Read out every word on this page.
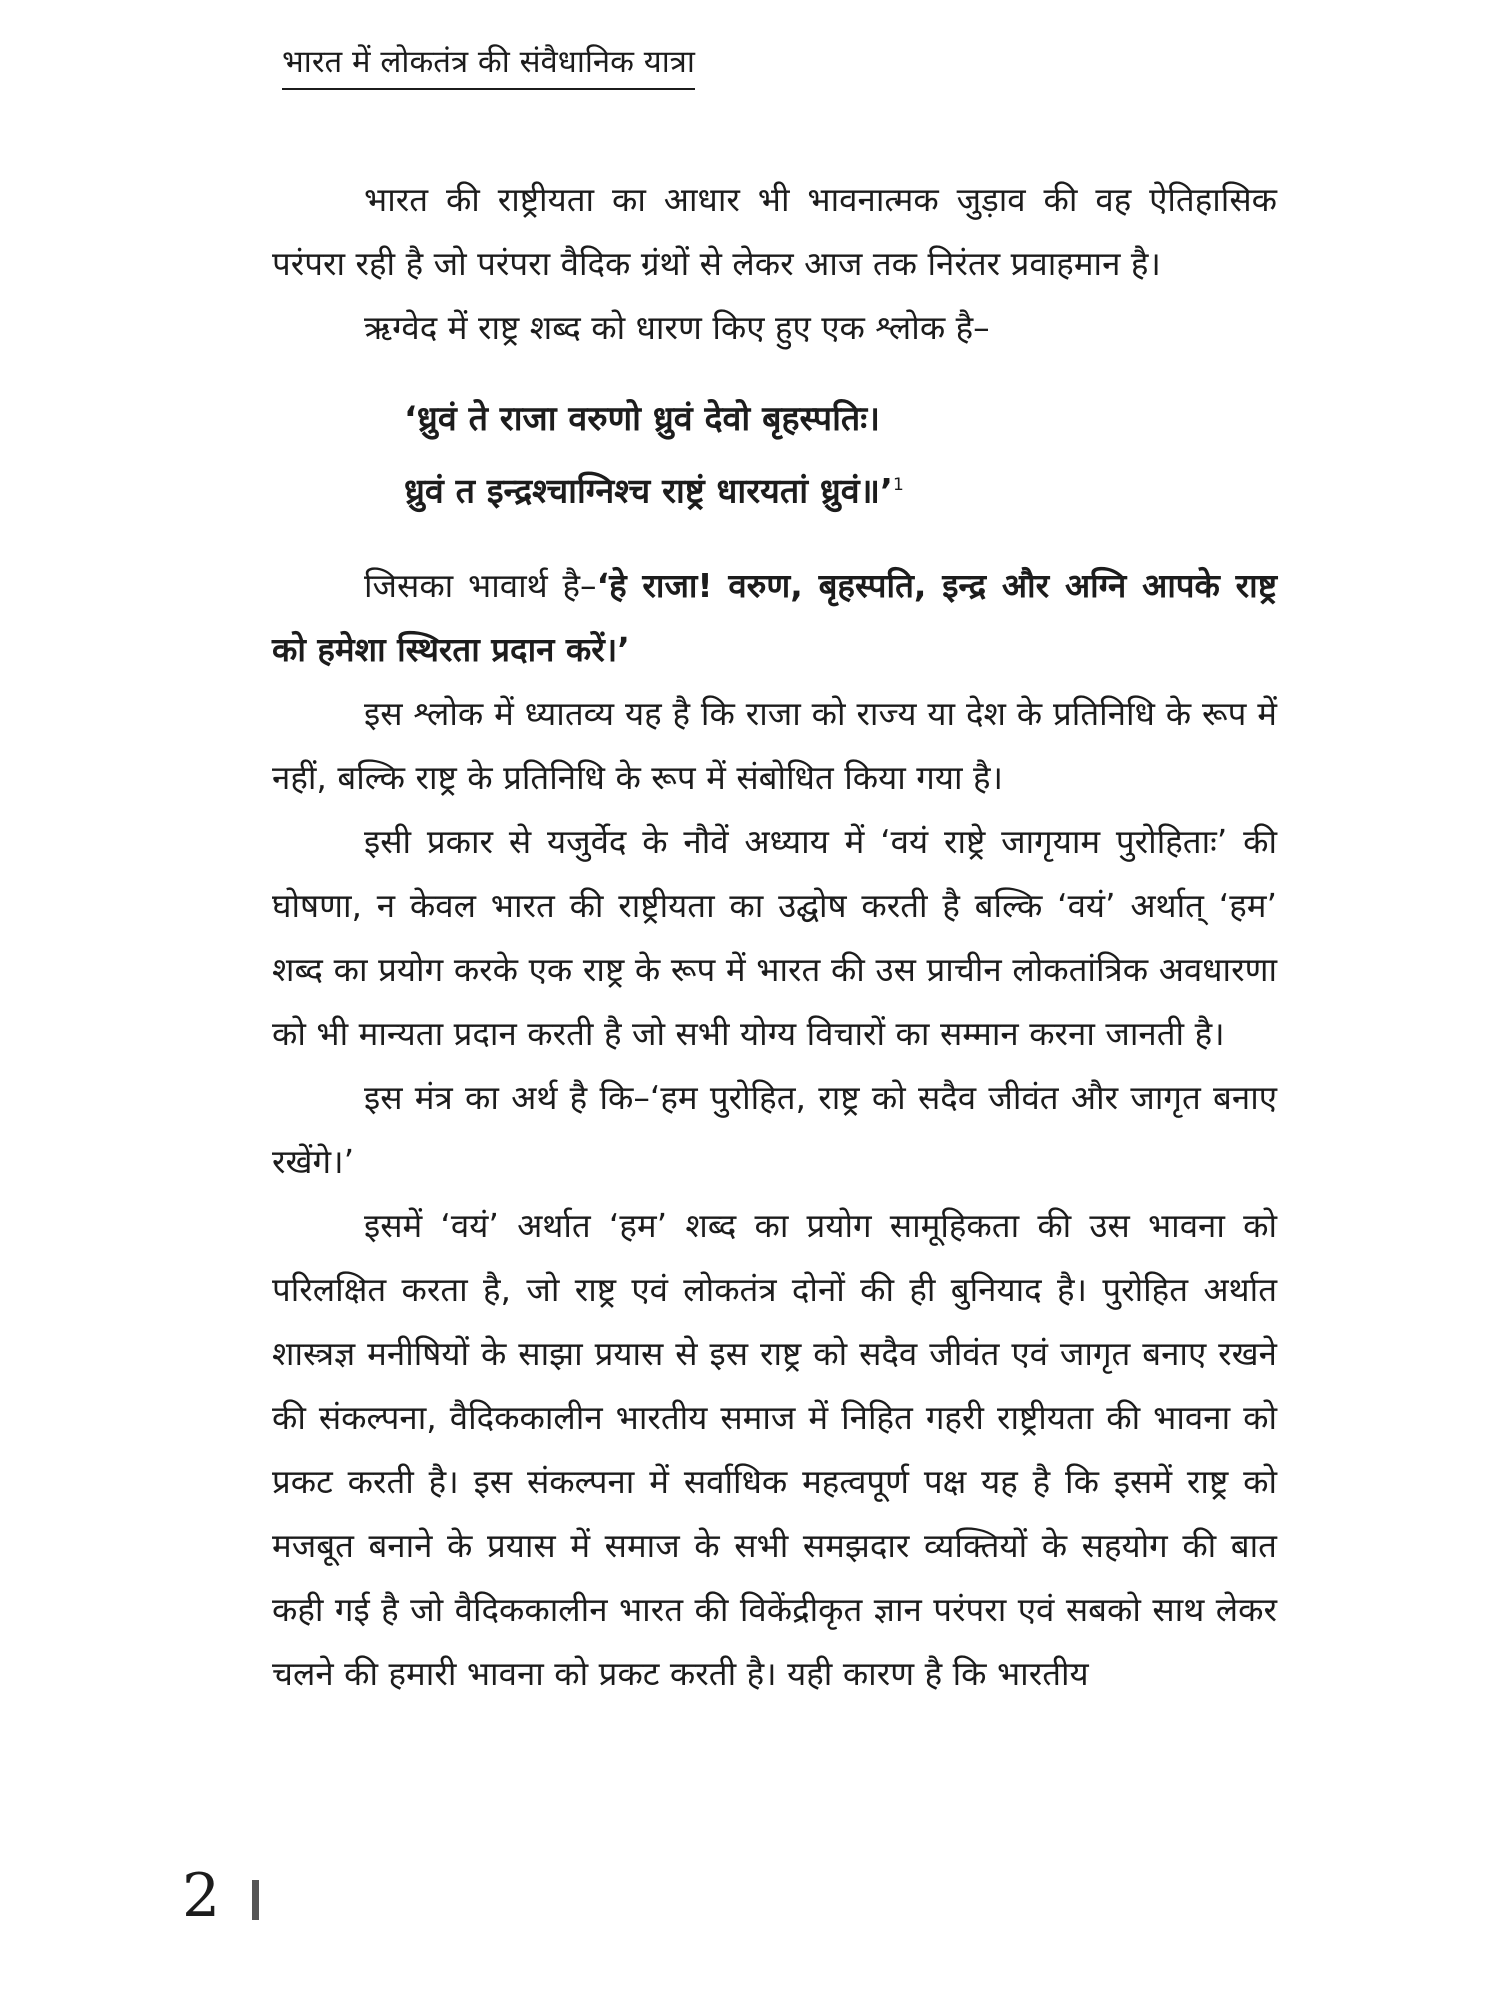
भारत में लोकतंत्र की संवैधानिक यात्रा

भारत की राष्ट्रीयता का आधार भी भावनात्मक जुड़ाव की वह ऐतिहासिक परंपरा रही है जो परंपरा वैदिक ग्रंथों से लेकर आज तक निरंतर प्रवाहमान है।

ऋग्वेद में राष्ट्र शब्द को धारण किए हुए एक श्लोक है–

‘ध्रुवं ते राजा वरुणो ध्रुवं देवो बृहस्पतिः।
ध्रुवं त इन्द्रश्चाग्निश्च राष्ट्रं धारयतां ध्रुवं॥’$^1$

जिसका भावार्थ है–‘हे राजा! वरुण, बृहस्पति, इन्द्र और अग्नि आपके राष्ट्र को हमेशा स्थिरता प्रदान करें।’

इस श्लोक में ध्यातव्य यह है कि राजा को राज्य या देश के प्रतिनिधि के रूप में नहीं, बल्कि राष्ट्र के प्रतिनिधि के रूप में संबोधित किया गया है।

इसी प्रकार से यजुर्वेद के नौवें अध्याय में ‘वयं राष्ट्रे जागृयाम पुरोहिताः’ की घोषणा, न केवल भारत की राष्ट्रीयता का उद्घोष करती है बल्कि ‘वयं’ अर्थात् ‘हम’ शब्द का प्रयोग करके एक राष्ट्र के रूप में भारत की उस प्राचीन लोकतांत्रिक अवधारणा को भी मान्यता प्रदान करती है जो सभी योग्य विचारों का सम्मान करना जानती है।

इस मंत्र का अर्थ है कि–‘हम पुरोहित, राष्ट्र को सदैव जीवंत और जागृत बनाए रखेंगे।’

इसमें ‘वयं’ अर्थात ‘हम’ शब्द का प्रयोग सामूहिकता की उस भावना को परिलक्षित करता है, जो राष्ट्र एवं लोकतंत्र दोनों की ही बुनियाद है। पुरोहित अर्थात शास्त्रज्ञ मनीषियों के साझा प्रयास से इस राष्ट्र को सदैव जीवंत एवं जागृत बनाए रखने की संकल्पना, वैदिककालीन भारतीय समाज में निहित गहरी राष्ट्रीयता की भावना को प्रकट करती है। इस संकल्पना में सर्वाधिक महत्वपूर्ण पक्ष यह है कि इसमें राष्ट्र को मजबूत बनाने के प्रयास में समाज के सभी समझदार व्यक्तियों के सहयोग की बात कही गई है जो वैदिककालीन भारत की विकेंद्रीकृत ज्ञान परंपरा एवं सबको साथ लेकर चलने की हमारी भावना को प्रकट करती है। यही कारण है कि भारतीय

2
